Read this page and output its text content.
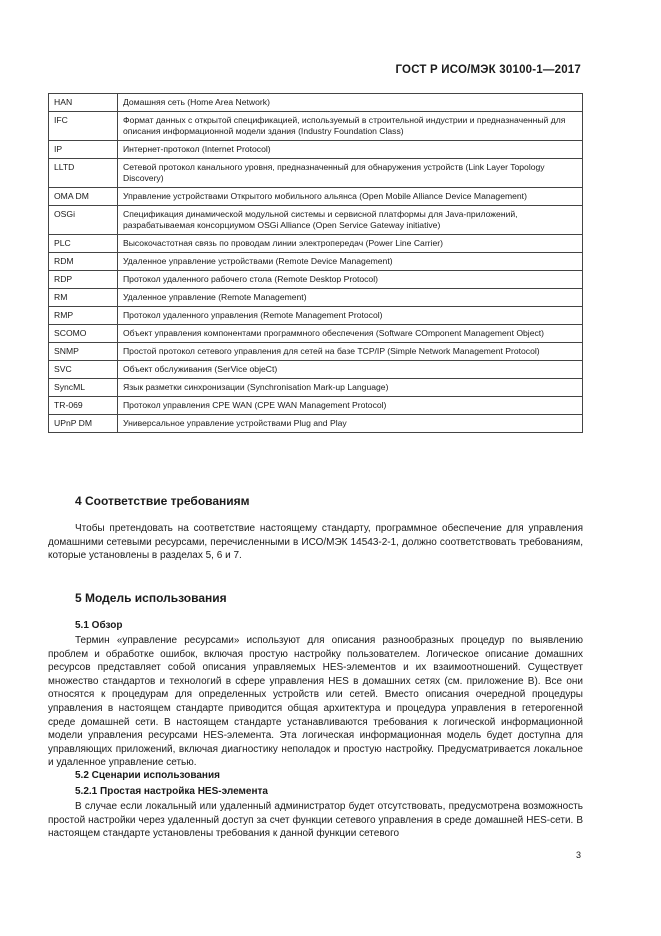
ГОСТ Р ИСО/МЭК 30100-1—2017
HAN	Домашняя сеть (Home Area Network)
IFC	Формат данных с открытой спецификацией, используемый в строительной индустрии и предназначенный для описания информационной модели здания (Industry Foundation Class)
IP	Интернет-протокол (Internet Protocol)
LLTD	Сетевой протокол канального уровня, предназначенный для обнаружения устройств (Link Layer Topology Discovery)
OMA DM	Управление устройствами Открытого мобильного альянса (Open Mobile Alliance Device Management)
OSGi	Спецификация динамической модульной системы и сервисной платформы для Java-приложений, разрабатываемая консорциумом OSGi Alliance (Open Service Gateway initiative)
PLC	Высокочастотная связь по проводам линии электропередач (Power Line Carrier)
RDM	Удаленное управление устройствами (Remote Device Management)
RDP	Протокол удаленного рабочего стола (Remote Desktop Protocol)
RM	Удаленное управление (Remote Management)
RMP	Протокол удаленного управления (Remote Management Protocol)
SCOMO	Объект управления компонентами программного обеспечения (Software COmponent Management Object)
SNMP	Простой протокол сетевого управления для сетей на базе TCP/IP (Simple Network Management Protocol)
SVC	Объект обслуживания (SerVice objeCt)
SyncML	Язык разметки синхронизации (Synchronisation Mark-up Language)
TR-069	Протокол управления CPE WAN (CPE WAN Management Protocol)
UPnP DM	Универсальное управление устройствами Plug and Play
4 Соответствие требованиям
Чтобы претендовать на соответствие настоящему стандарту, программное обеспечение для управления домашними сетевыми ресурсами, перечисленными в ИСО/МЭК 14543-2-1, должно соответствовать требованиям, которые установлены в разделах 5, 6 и 7.
5 Модель использования
5.1 Обзор
Термин «управление ресурсами» используют для описания разнообразных процедур по выявлению проблем и обработке ошибок, включая простую настройку пользователем. Логическое описание домашних ресурсов представляет собой описания управляемых HES-элементов и их взаимоотношений. Существует множество стандартов и технологий в сфере управления HES в домашних сетях (см. приложение В). Все они относятся к процедурам для определенных устройств или сетей. Вместо описания очередной процедуры управления в настоящем стандарте приводится общая архитектура и процедура управления в гетерогенной среде домашней сети. В настоящем стандарте устанавливаются требования к логической информационной модели управления ресурсами HES-элемента. Эта логическая информационная модель будет доступна для управляющих приложений, включая диагностику неполадок и простую настройку. Предусматривается локальное и удаленное управление сетью.
5.2 Сценарии использования
5.2.1 Простая настройка HES-элемента
В случае если локальный или удаленный администратор будет отсутствовать, предусмотрена возможность простой настройки через удаленный доступ за счет функции сетевого управления в среде домашней HES-сети. В настоящем стандарте установлены требования к данной функции сетевого
3
